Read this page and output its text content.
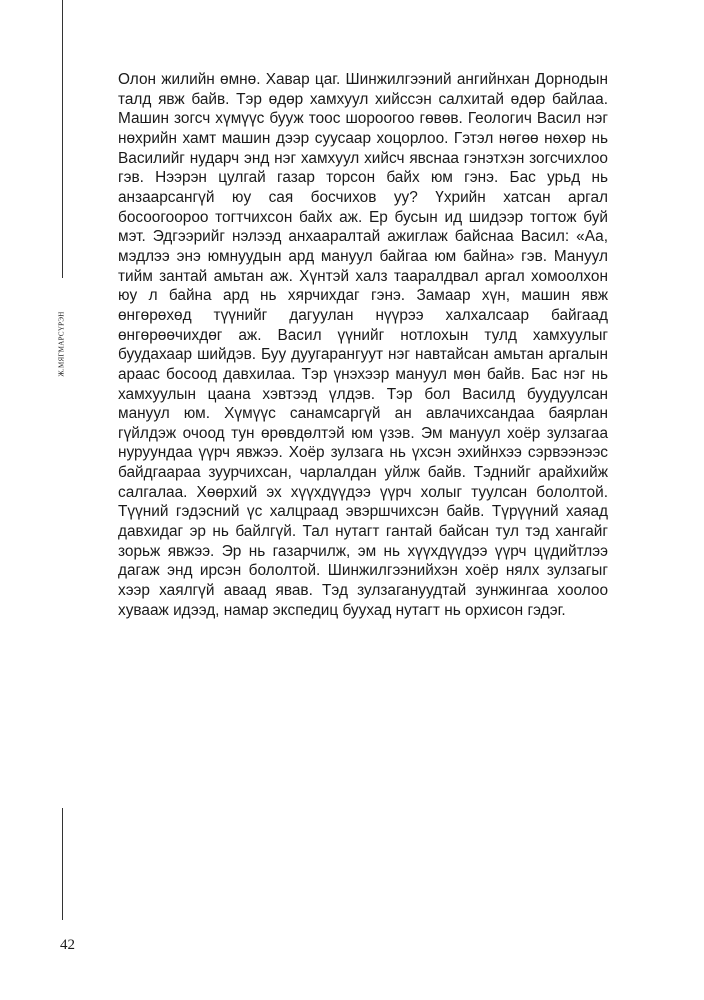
Ж.МЯГМАРСҮРЭН

Олон жилийн өмнө. Хавар цаг. Шинжилгээний ангийнхан Дорнодын талд явж байв. Тэр өдөр хамхуул хийссэн салхитай өдөр байлаа. Машин зогсч хүмүүс бууж тоос шороогоо гөвөв. Геологич Васил нэг нөхрийн хамт машин дээр суусаар хоцорлоо. Гэтэл нөгөө нөхөр нь Василийг нударч энд нэг хамхуул хийсч явснаа гэнэтхэн зогсчихлоо гэв. Нээрэн цулгай газар торсон байх юм гэнэ. Бас урьд нь анзаарсангүй юу сая босчихов уу? Үхрийн хатсан аргал босоогоороо тогтчихсон байх аж. Ер бусын ид шидээр тогтож буй мэт. Эдгээрийг нэлээд анхааралтай ажиглаж байснаа Васил: «Аа, мэдлээ энэ юмнуудын ард мануул байгаа юм байна» гэв. Мануул тийм зантай амьтан аж. Хүнтэй халз тааралдвал аргал хомоолхон юу л байна ард нь хярчихдаг гэнэ. Замаар хүн, машин явж өнгөрөхөд түүнийг дагуулан нүүрээ халхалсаар байгаад өнгөрөөчихдөг аж. Васил үүнийг нотлохын тулд хамхуулыг буудахаар шийдэв. Буу дуугарангуут нэг навтайсан амьтан аргалын араас босоод давхилаа. Тэр үнэхээр мануул мөн байв. Бас нэг нь хамхуулын цаана хэвтээд үлдэв. Тэр бол Василд буудуулсан мануул юм. Хүмүүс санамсаргүй ан авлачихсандаа баярлан гүйлдэж очоод тун өрөвдөлтэй юм үзэв. Эм мануул хоёр зулзагаа нуруундаа үүрч явжээ. Хоёр зулзага нь үхсэн эхийнхээ сэрвээнээс байдгаараа зуурчихсан, чарлалдан уйлж байв. Тэднийг арайхийж салгалаа. Хөөрхий эх хүүхдүүдээ үүрч холыг туулсан бололтой. Түүний гэдэсний үс халцраад эвэршчихсэн байв. Түрүүний хаяад давхидаг эр нь байлгүй. Тал нутагт гантай байсан тул тэд хангайг зорьж явжээ. Эр нь газарчилж, эм нь хүүхдүүдээ үүрч цүдийтлээ дагаж энд ирсэн бололтой. Шинжилгээнийхэн хоёр нялх зулзагыг хээр хаялгүй аваад явав. Тэд зулзагануудтай зунжингаа хоолоо хувааж идээд, намар экспедиц буухад нутагт нь орхисон гэдэг.

42
